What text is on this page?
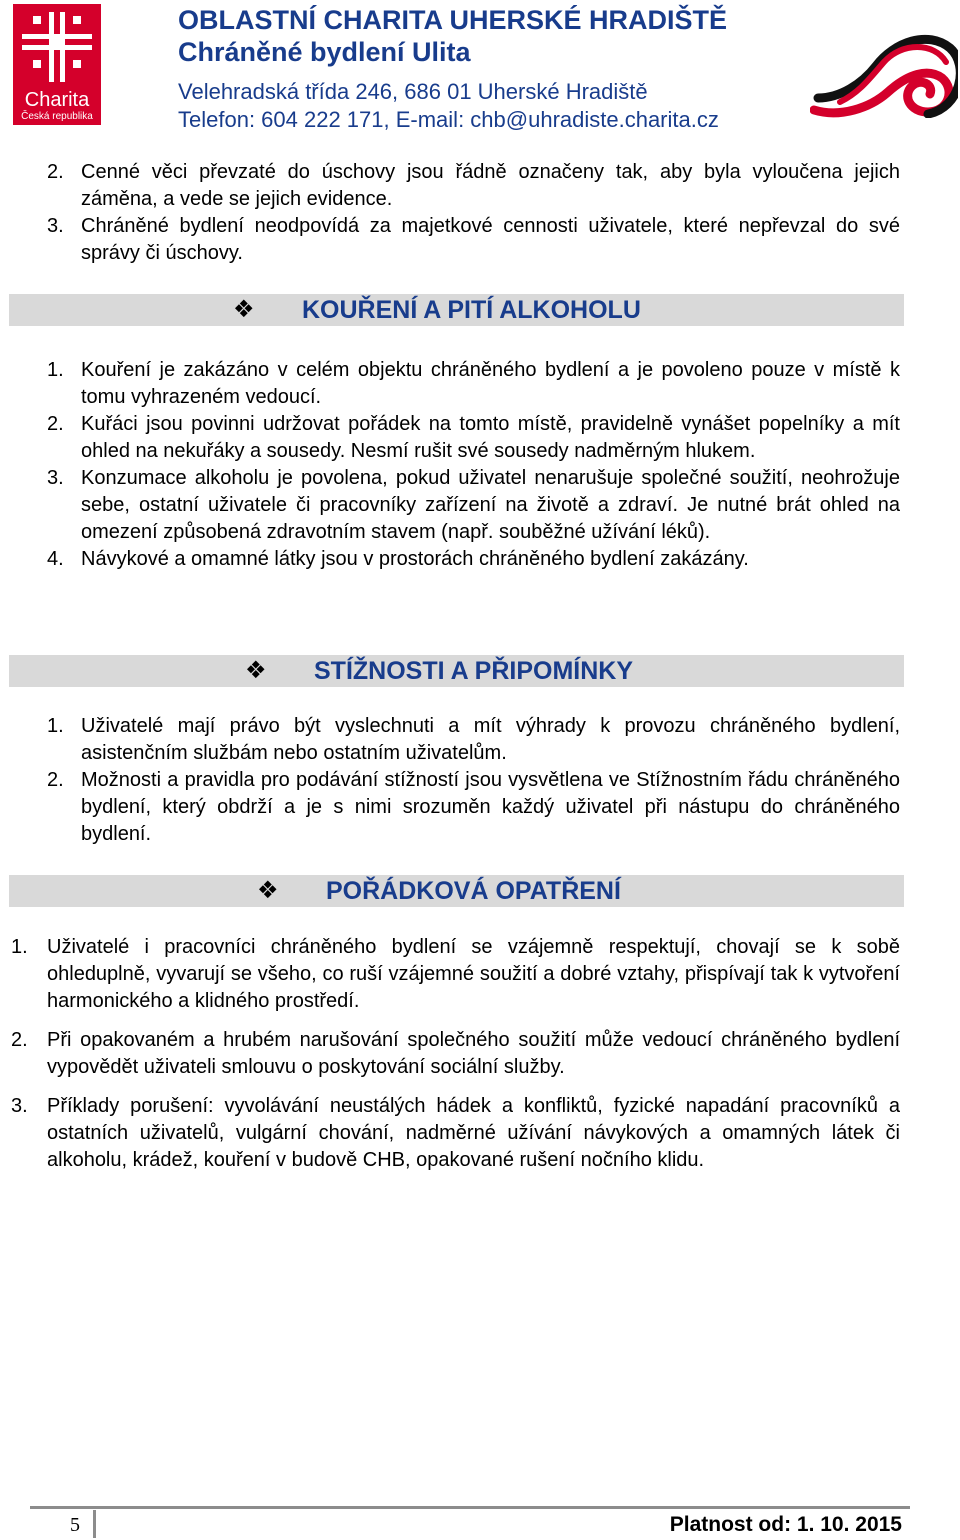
Charita
Česká republika
OBLASTNÍ CHARITA UHERSKÉ HRADIŠTĚ
Chráněné bydlení Ulita
Velehradská třída 246, 686 01 Uherské Hradiště
Telefon: 604 222 171, E-mail: chb@uhradiste.charita.cz
2. Cenné věci převzaté do úschovy jsou řádně označeny tak, aby byla vyloučena jejich záměna, a vede se jejich evidence.
3. Chráněné bydlení neodpovídá za majetkové cennosti uživatele, které nepřevzal do své správy či úschovy.
❖ KOUŘENÍ A PITÍ ALKOHOLU
1. Kouření je zakázáno v celém objektu chráněného bydlení a je povoleno pouze v místě k tomu vyhrazeném vedoucí.
2. Kuřáci jsou povinni udržovat pořádek na tomto místě, pravidelně vynášet popelníky a mít ohled na nekuřáky a sousedy. Nesmí rušit své sousedy nadměrným hlukem.
3. Konzumace alkoholu je povolena, pokud uživatel nenarušuje společné soužití, neohrožuje sebe, ostatní uživatele či pracovníky zařízení na životě a zdraví. Je nutné brát ohled na omezení způsobená zdravotním stavem (např. souběžné užívání léků).
4. Návykové a omamné látky jsou v prostorách chráněného bydlení zakázány.
❖ STÍŽNOSTI A PŘIPOMÍNKY
1. Uživatelé mají právo být vyslechnuti a mít výhrady k provozu chráněného bydlení, asistenčním službám nebo ostatním uživatelům.
2. Možnosti a pravidla pro podávání stížností jsou vysvětlena ve Stížnostním řádu chráněného bydlení, který obdrží a je s nimi srozuměn každý uživatel při nástupu do chráněného bydlení.
❖ POŘÁDKOVÁ OPATŘENÍ
1. Uživatelé i pracovníci chráněného bydlení se vzájemně respektují, chovají se k sobě ohleduplně, vyvarují se všeho, co ruší vzájemné soužití a dobré vztahy, přispívají tak k vytvoření harmonického a klidného prostředí.
2. Při opakovaném a hrubém narušování společného soužití může vedoucí chráněného bydlení vypovědět uživateli smlouvu o poskytování sociální služby.
3. Příklady porušení: vyvolávání neustálých hádek a konfliktů, fyzické napadání pracovníků a ostatních uživatelů, vulgární chování, nadměrné užívání návykových a omamných látek či alkoholu, krádež, kouření v budově CHB, opakované rušení nočního klidu.
5	Platnost od: 1. 10. 2015
